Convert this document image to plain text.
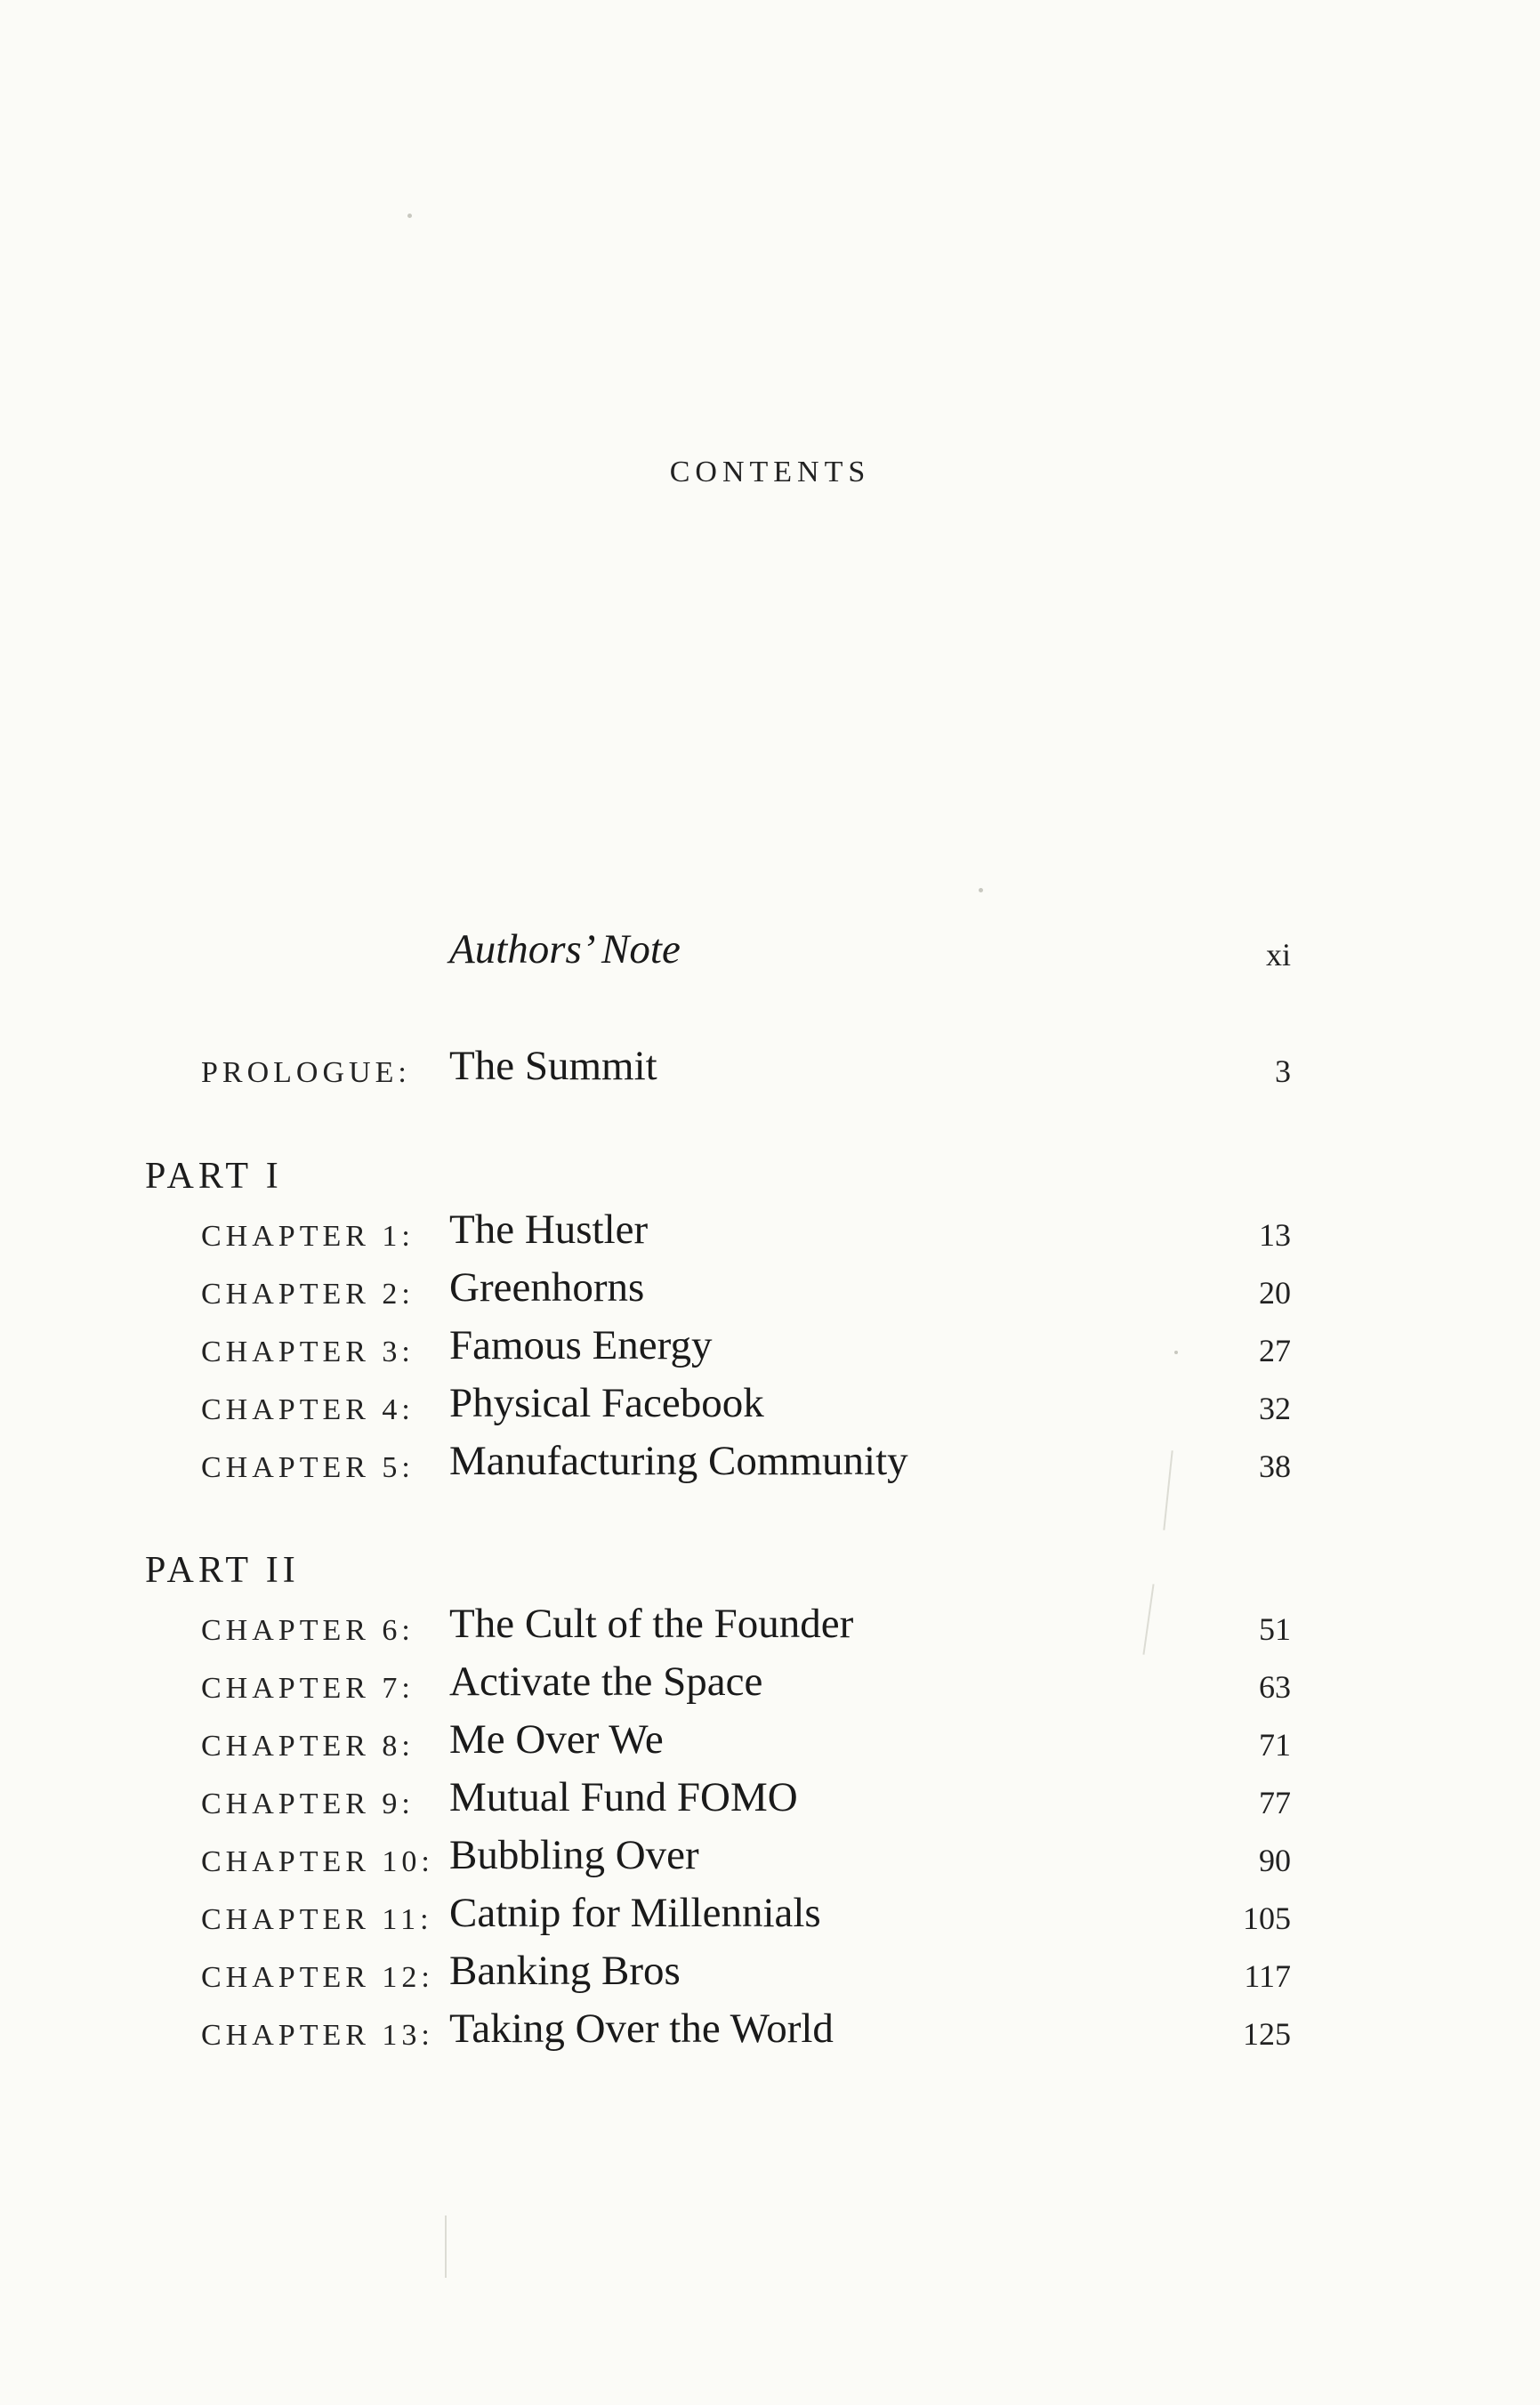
CONTENTS
Authors’ Note	xi
PROLOGUE: The Summit	3
PART I
CHAPTER 1: The Hustler	13
CHAPTER 2: Greenhorns	20
CHAPTER 3: Famous Energy	27
CHAPTER 4: Physical Facebook	32
CHAPTER 5: Manufacturing Community	38
PART II
CHAPTER 6: The Cult of the Founder	51
CHAPTER 7: Activate the Space	63
CHAPTER 8: Me Over We	71
CHAPTER 9: Mutual Fund FOMO	77
CHAPTER 10: Bubbling Over	90
CHAPTER 11: Catnip for Millennials	105
CHAPTER 12: Banking Bros	117
CHAPTER 13: Taking Over the World	125
